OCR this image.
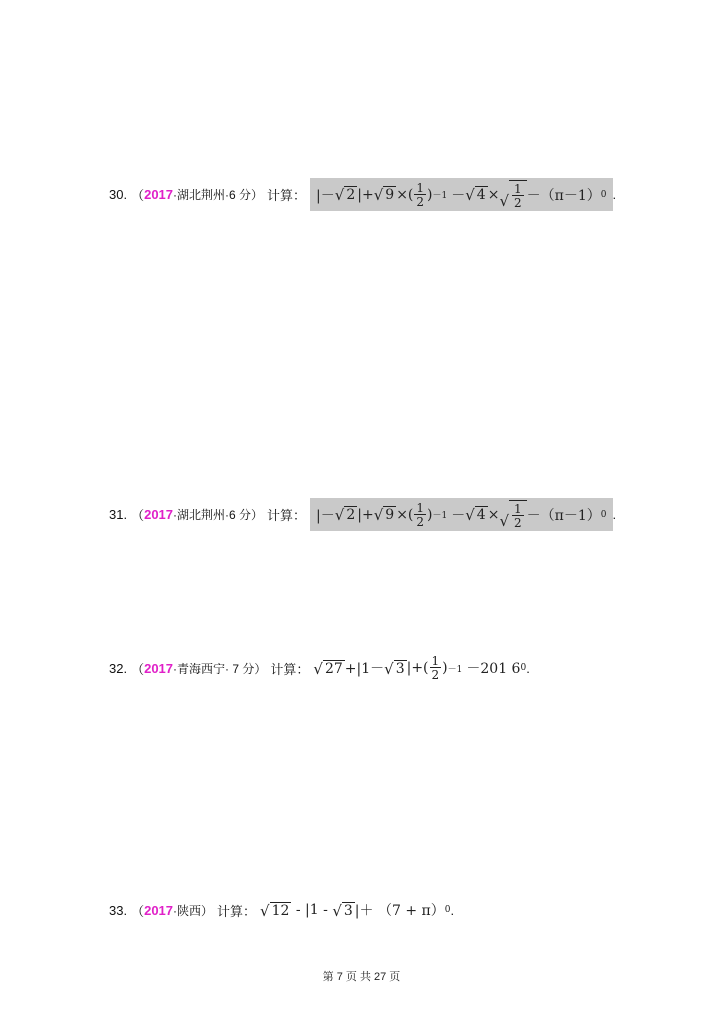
30. （ 2017 ·湖北荆州·6 分） 计算： |－ √ 2 |+ √ 9 ×( $\frac{1}{2}$ ) －1 － √ 4 × √ $\frac{1}{2} -(\pi-1)$ 0 .
31. （ 2017 ·湖北荆州·6 分） 计算： |－ √ 2 |+ √ 9 ×( $\frac{1}{2}$ ) －1 － √ 4 × √ $\frac{1}{2} -(\pi-1)$ 0 .
32. （ 2017 ·青海西宁· 7 分） 计算： √ 27 +|1－ √ 3 |+( $\frac{1}{2}$ ) －1 －201 6 0 .
33. （ 2017 ·陕西） 计算： √ 12 - |1 - √ 3 |＋ （7 + π） 0 .
第 7 页 共 27 页
